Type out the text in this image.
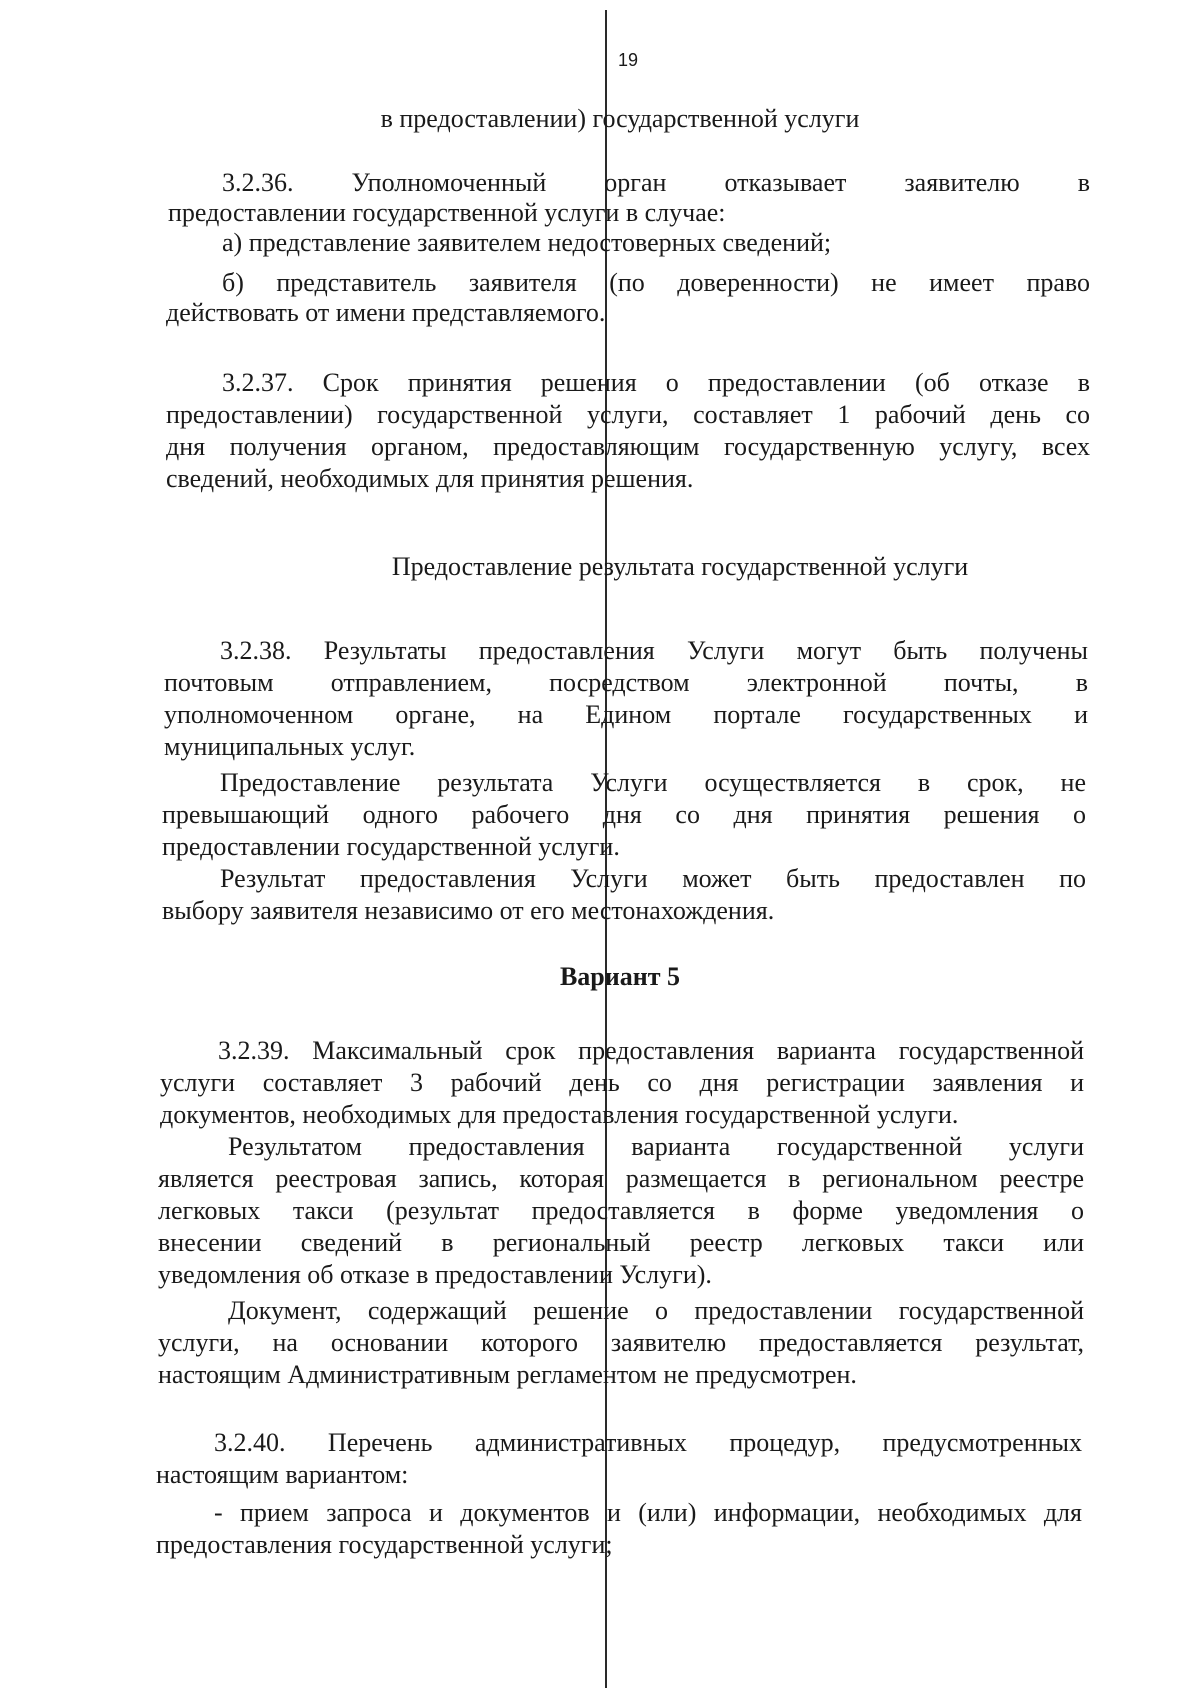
19
в предоставлении) государственной услуги
3.2.36. Уполномоченный орган отказывает заявителю в
предоставлении государственной услуги в случае:
а) представление заявителем недостоверных сведений;
б) представитель заявителя (по доверенности) не имеет право
действовать от имени представляемого.
3.2.37. Срок принятия решения о предоставлении (об отказе в
предоставлении) государственной услуги, составляет 1 рабочий день со
дня получения органом, предоставляющим государственную услугу, всех
сведений, необходимых для принятия решения.
Предоставление результата государственной услуги
3.2.38. Результаты предоставления Услуги могут быть получены
почтовым отправлением, посредством электронной почты, в
уполномоченном органе, на Едином портале государственных и
муниципальных услуг.
Предоставление результата Услуги осуществляется в срок, не
превышающий одного рабочего дня со дня принятия решения о
предоставлении государственной услуги.
Результат предоставления Услуги может быть предоставлен по
выбору заявителя независимо от его местонахождения.
Вариант 5
3.2.39. Максимальный срок предоставления варианта государственной
услуги составляет 3 рабочий день со дня регистрации заявления и
документов, необходимых для предоставления государственной услуги.
Результатом предоставления варианта государственной услуги
является реестровая запись, которая размещается в региональном реестре
легковых такси (результат предоставляется в форме уведомления о
внесении сведений в региональный реестр легковых такси или
уведомления об отказе в предоставлении Услуги).
Документ, содержащий решение о предоставлении государственной
услуги, на основании которого заявителю предоставляется результат,
настоящим Административным регламентом не предусмотрен.
3.2.40. Перечень административных процедур, предусмотренных
настоящим вариантом:
- прием запроса и документов и (или) информации, необходимых для
предоставления государственной услуги;
